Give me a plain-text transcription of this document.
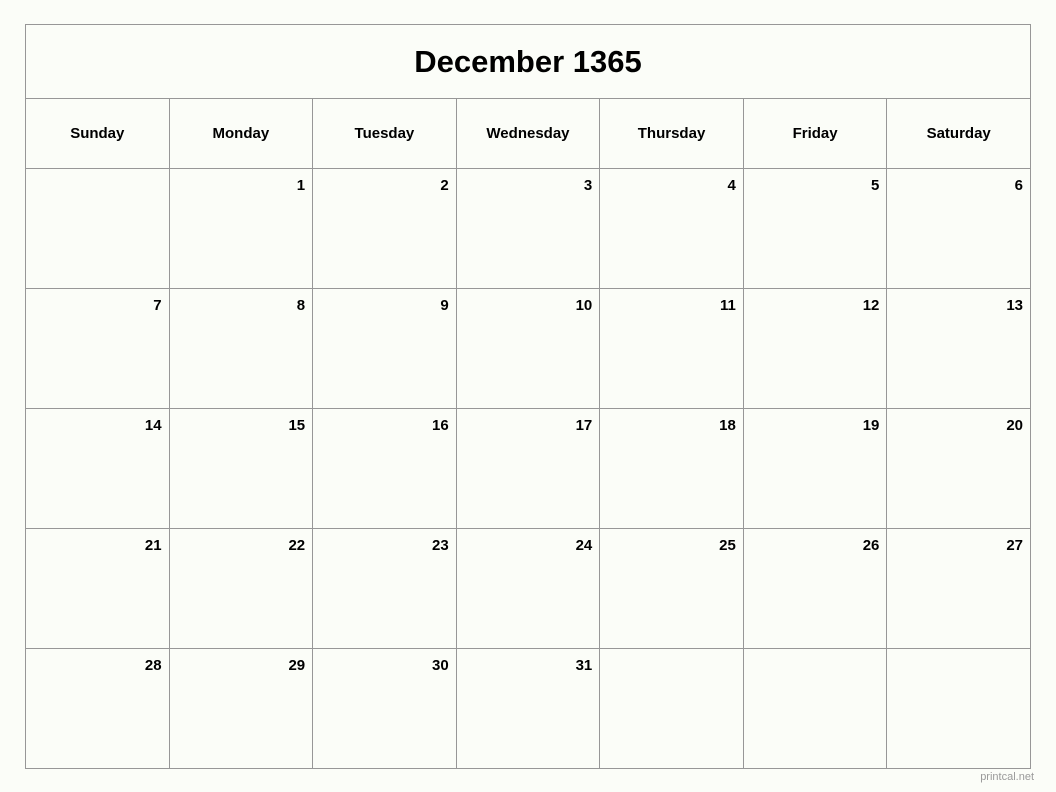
December 1365						
Sunday	Monday	Tuesday	Wednesday	Thursday	Friday	Saturday

	1	2	3	4	5	6

7	8	9	10	11	12	13

14	15	16	17	18	19	20

21	22	23	24	25	26	27

28	29	30	31			

printcal.net
